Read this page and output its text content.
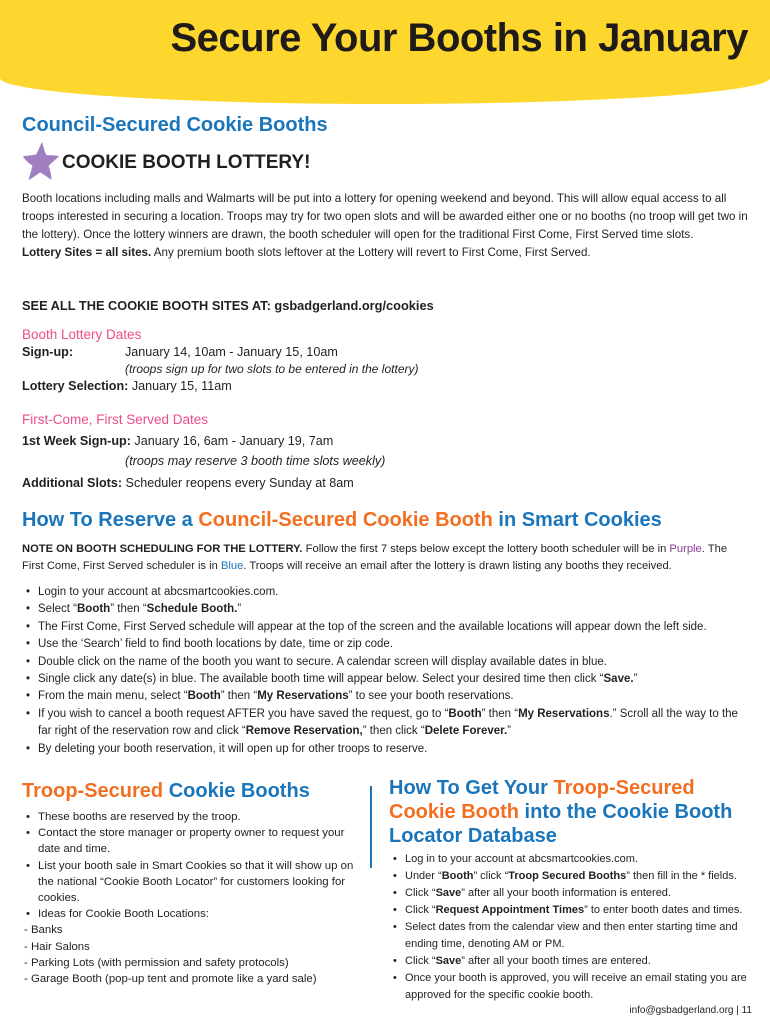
Secure Your Booths in January
Council-Secured Cookie Booths
COOKIE BOOTH LOTTERY!
Booth locations including malls and Walmarts will be put into a lottery for opening weekend and beyond. This will allow equal access to all troops interested in securing a location. Troops may try for two open slots and will be awarded either one or no booths (no troop will get two in the lottery). Once the lottery winners are drawn, the booth scheduler will open for the traditional First Come, First Served time slots.
Lottery Sites = all sites. Any premium booth slots leftover at the Lottery will revert to First Come, First Served.
SEE ALL THE COOKIE BOOTH SITES AT: gsbadgerland.org/cookies
Booth Lottery Dates
Sign-up:	January 14, 10am - January 15, 10am
(troops sign up for two slots to be entered in the lottery)
Lottery Selection: January 15, 11am
First-Come, First Served Dates
1st Week Sign-up: January 16, 6am - January 19, 7am
(troops may reserve 3 booth time slots weekly)
Additional Slots: Scheduler reopens every Sunday at 8am
How To Reserve a Council-Secured Cookie Booth in Smart Cookies
NOTE ON BOOTH SCHEDULING FOR THE LOTTERY. Follow the first 7 steps below except the lottery booth scheduler will be in Purple. The First Come, First Served scheduler is in Blue. Troops will receive an email after the lottery is drawn listing any booths they received.
• Login to your account at abcsmartcookies.com.
• Select “Booth” then “Schedule Booth.”
• The First Come, First Served schedule will appear at the top of the screen and the available locations will appear down the left side.
• Use the ‘Search’ field to find booth locations by date, time or zip code.
• Double click on the name of the booth you want to secure. A calendar screen will display available dates in blue.
• Single click any date(s) in blue. The available booth time will appear below. Select your desired time then click “Save.”
• From the main menu, select “Booth” then “My Reservations” to see your booth reservations.
• If you wish to cancel a booth request AFTER you have saved the request, go to “Booth” then “My Reservations.” Scroll all the way to the far right of the reservation row and click “Remove Reservation,” then click “Delete Forever.”
• By deleting your booth reservation, it will open up for other troops to reserve.
Troop-Secured Cookie Booths
• These booths are reserved by the troop.
• Contact the store manager or property owner to request your date and time.
• List your booth sale in Smart Cookies so that it will show up on the national “Cookie Booth Locator” for customers looking for cookies.
• Ideas for Cookie Booth Locations:
- Banks
- Hair Salons
- Parking Lots (with permission and safety protocols)
- Garage Booth (pop-up tent and promote like a yard sale)
How To Get Your Troop-Secured Cookie Booth into the Cookie Booth Locator Database
• Log in to your account at abcsmartcookies.com.
• Under “Booth” click “Troop Secured Booths” then fill in the * fields.
• Click “Save” after all your booth information is entered.
• Click “Request Appointment Times” to enter booth dates and times.
• Select dates from the calendar view and then enter starting time and ending time, denoting AM or PM.
• Click “Save” after all your booth times are entered.
• Once your booth is approved, you will receive an email stating you are approved for the specific cookie booth.
info@gsbadgerland.org | 11
